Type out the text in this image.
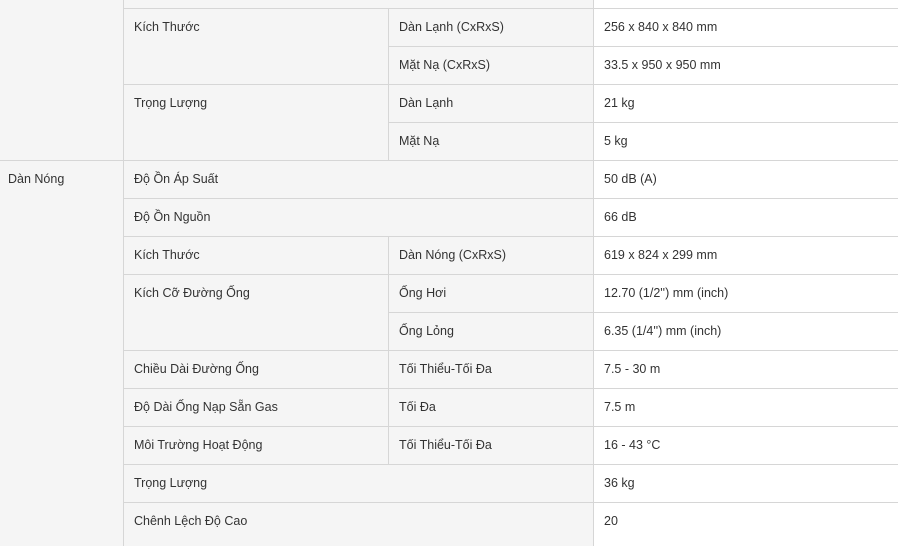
Kích Thước	Dàn Lạnh (CxRxS)	256 x 840 x 840 mm
Mặt Nạ (CxRxS)	33.5 x 950 x 950 mm
Trọng Lượng	Dàn Lạnh	21 kg
Mặt Nạ	5 kg
Dàn Nóng	Độ Ồn Áp Suất	50 dB (A)
Độ Ồn Nguồn	66 dB
Kích Thước	Dàn Nóng (CxRxS)	619 x 824 x 299 mm
Kích Cỡ Đường Ống	Ống Hơi	12.70 (1/2'') mm (inch)
Ống Lỏng	6.35 (1/4'') mm (inch)
Chiều Dài Đường Ống	Tối Thiểu-Tối Đa	7.5 - 30 m
Độ Dài Ống Nạp Sẵn Gas	Tối Đa	7.5 m
Môi Trường Hoạt Động	Tối Thiểu-Tối Đa	16 - 43 °C
Trọng Lượng	36 kg
Chênh Lệch Độ Cao	20
